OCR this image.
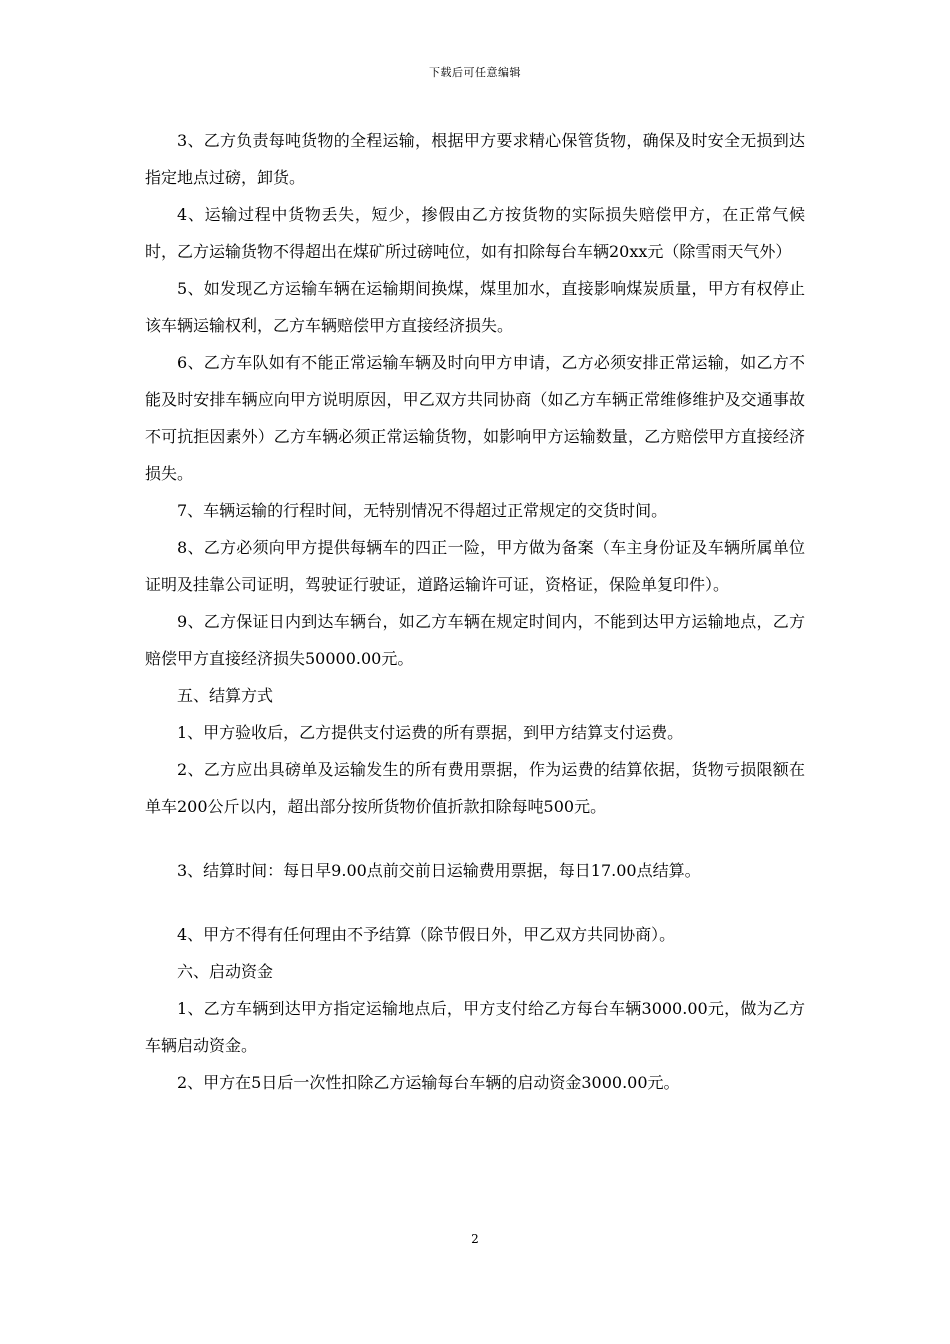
下载后可任意编辑

3、乙方负责每吨货物的全程运输，根据甲方要求精心保管货物，确保及时安全无损到达指定地点过磅，卸货。

4、运输过程中货物丢失，短少，掺假由乙方按货物的实际损失赔偿甲方，在正常气候时，乙方运输货物不得超出在煤矿所过磅吨位，如有扣除每台车辆20xx元（除雪雨天气外）

5、如发现乙方运输车辆在运输期间换煤，煤里加水，直接影响煤炭质量，甲方有权停止该车辆运输权利，乙方车辆赔偿甲方直接经济损失。

6、乙方车队如有不能正常运输车辆及时向甲方申请，乙方必须安排正常运输，如乙方不能及时安排车辆应向甲方说明原因，甲乙双方共同协商（如乙方车辆正常维修维护及交通事故不可抗拒因素外）乙方车辆必须正常运输货物，如影响甲方运输数量，乙方赔偿甲方直接经济损失。

7、车辆运输的行程时间，无特别情况不得超过正常规定的交货时间。

8、乙方必须向甲方提供每辆车的四正一险，甲方做为备案（车主身份证及车辆所属单位证明及挂靠公司证明，驾驶证行驶证，道路运输许可证，资格证，保险单复印件）。

9、乙方保证日内到达车辆台，如乙方车辆在规定时间内，不能到达甲方运输地点，乙方赔偿甲方直接经济损失50000.00元。

五、结算方式

1、甲方验收后，乙方提供支付运费的所有票据，到甲方结算支付运费。

2、乙方应出具磅单及运输发生的所有费用票据，作为运费的结算依据，货物亏损限额在单车200公斤以内，超出部分按所货物价值折款扣除每吨500元。

3、结算时间：每日早9.00点前交前日运输费用票据，每日17.00点结算。

4、甲方不得有任何理由不予结算（除节假日外，甲乙双方共同协商）。

六、启动资金

1、乙方车辆到达甲方指定运输地点后，甲方支付给乙方每台车辆3000.00元，做为乙方车辆启动资金。

2、甲方在5日后一次性扣除乙方运输每台车辆的启动资金3000.00元。

2
